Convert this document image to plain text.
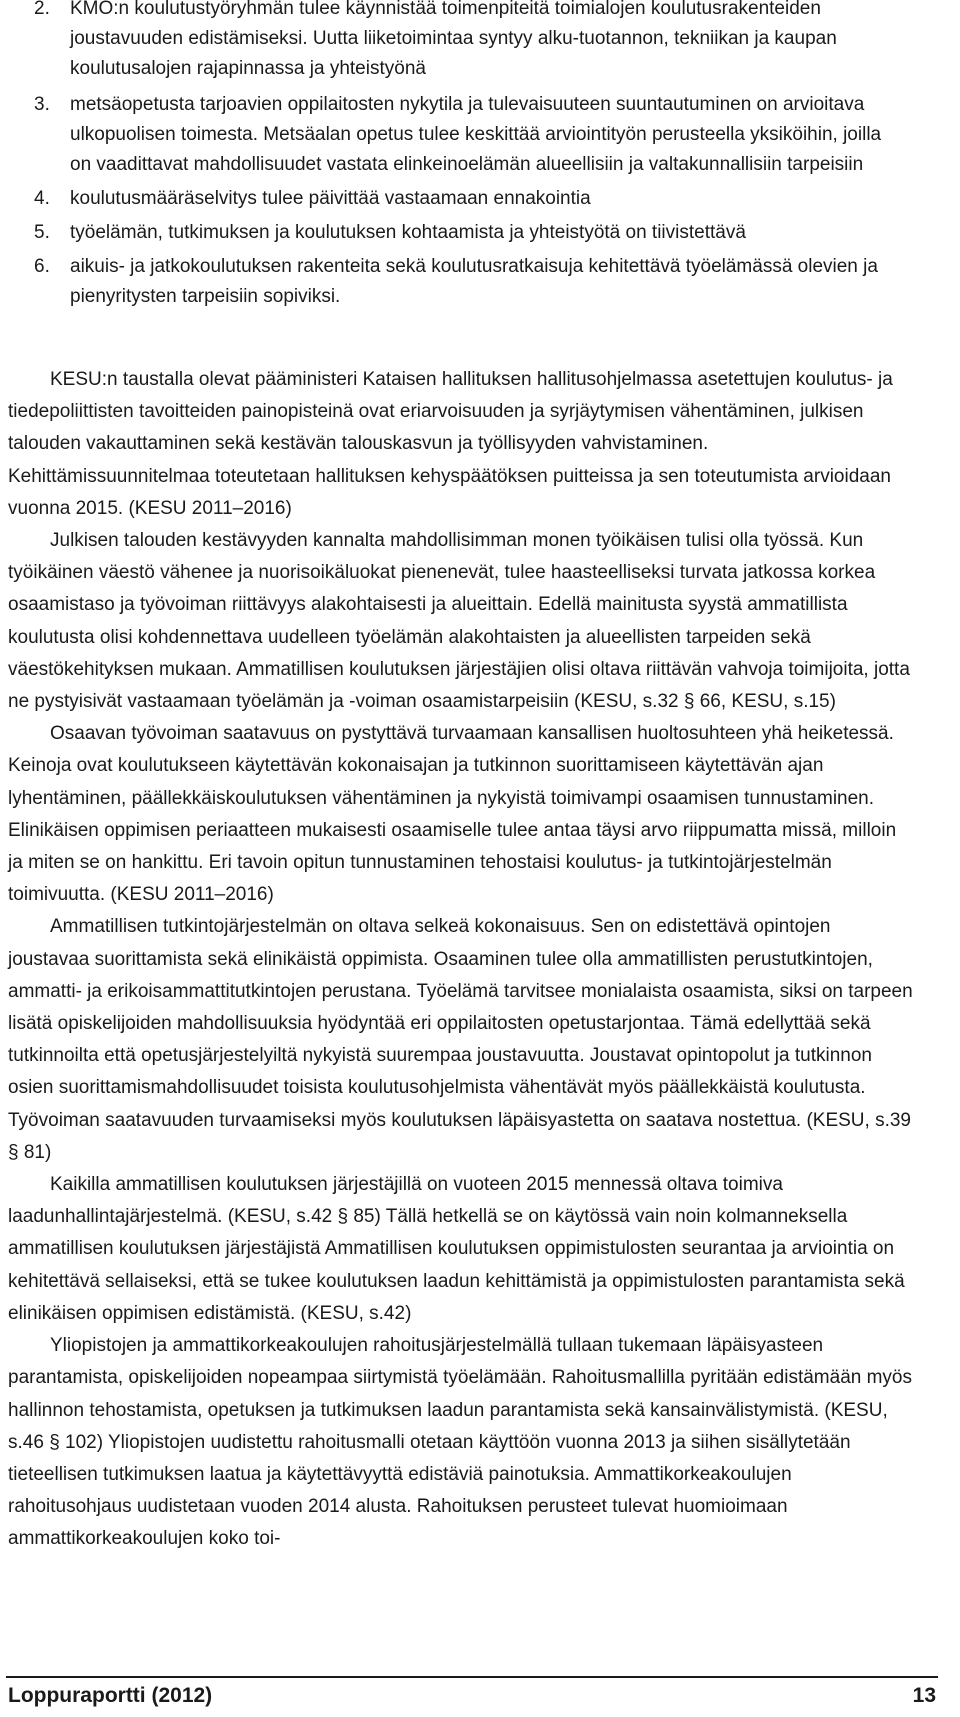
2. KMO:n koulutustyöryhmän tulee käynnistää toimenpiteitä toimialojen koulutusrakenteiden joustavuuden edistämiseksi. Uutta liiketoimintaa syntyy alku-tuotannon, tekniikan ja kaupan koulutusalojen rajapinnassa ja yhteistyönä
3. metsäopetusta tarjoavien oppilaitosten nykytila ja tulevaisuuteen suuntautuminen on arvioitava ulkopuolisen toimesta. Metsäalan opetus tulee keskittää arviointityön perusteella yksiköihin, joilla on vaadittavat mahdollisuudet vastata elinkeinoelämän alueellisiin ja valtakunnallisiin tarpeisiin
4. koulutusmääräselvitys tulee päivittää vastaamaan ennakointia
5. työelämän, tutkimuksen ja koulutuksen kohtaamista ja yhteistyötä on tiivistettävä
6. aikuis- ja jatkokoulutuksen rakenteita sekä koulutusratkaisuja kehitettävä työelämässä olevien ja pienyritysten tarpeisiin sopiviksi.

KESU:n taustalla olevat pääministeri Kataisen hallituksen hallitusohjelmassa asetettujen koulutus- ja tiedepoliittisten tavoitteiden painopisteinä ovat eriarvoisuuden ja syrjäytymisen vähentäminen, julkisen talouden vakauttaminen sekä kestävän talouskasvun ja työllisyyden vahvistaminen. Kehittämissuunnitelmaa toteutetaan hallituksen kehyspäätöksen puitteissa ja sen toteutumista arvioidaan vuonna 2015. (KESU 2011–2016)

Julkisen talouden kestävyyden kannalta mahdollisimman monen työikäisen tulisi olla työssä. Kun työikäinen väestö vähenee ja nuorisoikäluokat pienenevät, tulee haasteelliseksi turvata jatkossa korkea osaamistaso ja työvoiman riittävyys alakohtaisesti ja alueittain. Edellä mainitusta syystä ammatillista koulutusta olisi kohdennettava uudelleen työelämän alakohtaisten ja alueellisten tarpeiden sekä väestökehityksen mukaan. Ammatillisen koulutuksen järjestäjien olisi oltava riittävän vahvoja toimijoita, jotta ne pystyisivät vastaamaan työelämän ja -voiman osaamistarpeisiin (KESU, s.32 § 66, KESU, s.15)

Osaavan työvoiman saatavuus on pystyttävä turvaamaan kansallisen huoltosuhteen yhä heiketessä. Keinoja ovat koulutukseen käytettävän kokonaisajan ja tutkinnon suorittamiseen käytettävän ajan lyhentäminen, päällekkäiskoulutuksen vähentäminen ja nykyistä toimivampi osaamisen tunnustaminen. Elinikäisen oppimisen periaatteen mukaisesti osaamiselle tulee antaa täysi arvo riippumatta missä, milloin ja miten se on hankittu. Eri tavoin opitun tunnustaminen tehostaisi koulutus- ja tutkintojärjestelmän toimivuutta. (KESU 2011–2016)

Ammatillisen tutkintojärjestelmän on oltava selkeä kokonaisuus. Sen on edistettävä opintojen joustavaa suorittamista sekä elinikäistä oppimista. Osaaminen tulee olla ammatillisten perustutkintojen, ammatti- ja erikoisammattitutkintojen perustana. Työelämä tarvitsee monialaista osaamista, siksi on tarpeen lisätä opiskelijoiden mahdollisuuksia hyödyntää eri oppilaitosten opetustarjontaa. Tämä edellyttää sekä tutkinnoilta että opetusjärjestelyiltä nykyistä suurempaa joustavuutta. Joustavat opintopolut ja tutkinnon osien suorittamismahdollisuudet toisista koulutusohjelmista vähentävät myös päällekkäistä koulutusta. Työvoiman saatavuuden turvaamiseksi myös koulutuksen läpäisyastetta on saatava nostettua. (KESU, s.39 § 81)

Kaikilla ammatillisen koulutuksen järjestäjillä on vuoteen 2015 mennessä oltava toimiva laadunhallintajärjestelmä. (KESU, s.42 § 85) Tällä hetkellä se on käytössä vain noin kolmanneksella ammatillisen koulutuksen järjestäjistä Ammatillisen koulutuksen oppimistulosten seurantaa ja arviointia on kehitettävä sellaiseksi, että se tukee koulutuksen laadun kehittämistä ja oppimistulosten parantamista sekä elinikäisen oppimisen edistämistä. (KESU, s.42)

Yliopistojen ja ammattikorkeakoulujen rahoitusjärjestelmällä tullaan tukemaan läpäisyasteen parantamista, opiskelijoiden nopeampaa siirtymistä työelämään. Rahoitusmallilla pyritään edistämään myös hallinnon tehostamista, opetuksen ja tutkimuksen laadun parantamista sekä kansainvälistymistä. (KESU, s.46 § 102) Yliopistojen uudistettu rahoitusmalli otetaan käyttöön vuonna 2013 ja siihen sisällytetään tieteellisen tutkimuksen laatua ja käytettävyyttä edistäviä painotuksia. Ammattikorkeakoulujen rahoitusohjaus uudistetaan vuoden 2014 alusta. Rahoituksen perusteet tulevat huomioimaan ammattikorkeakoulujen koko toi-

Loppuraportti (2012)	13
